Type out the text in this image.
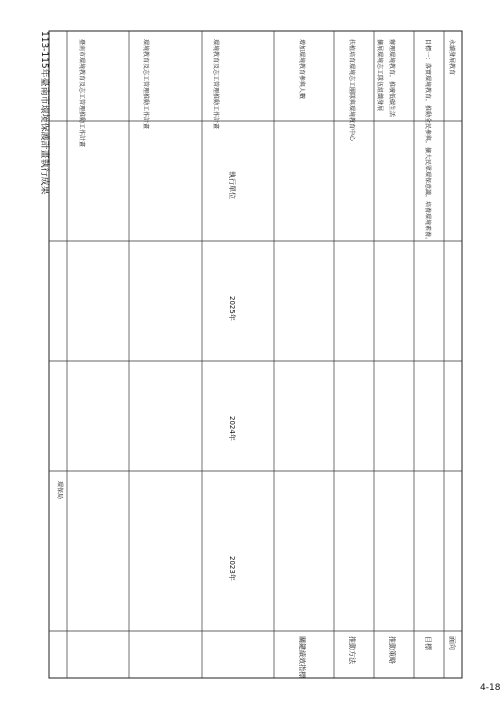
113-115年臺南市環境保護計畫執行成果
面向
目標
推動策略
推動方法
關鍵績效指標
2023年
2024年
2025年
執行單位
永續發展教育
目標一：落實環境教育，推動全民參與，擴大民眾環保意識，培養環境素養。
辦理環境教育，推廣低碳生活
擴展環境志工隊伍組織發展
扶植培育環境志工團隊與環境教育中心
增加環境教育參與人數
環境教育及志工管理推動工作計畫
環境教育及志工管理推動工作計畫
臺南市環境教育及志工管理推動工作計畫
環保局
4-18
